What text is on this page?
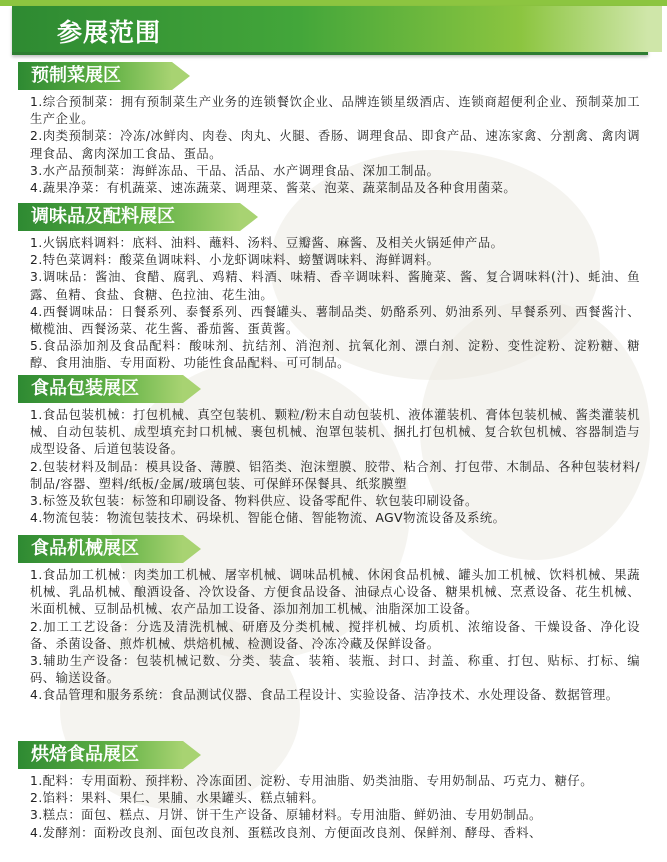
参展范围
预制菜展区

1.综合预制菜：拥有预制菜生产业务的连锁餐饮企业、品牌连锁星级酒店、连锁商超便利企业、预制菜加工生产企业。

2.肉类预制菜：冷冻/冰鲜肉、肉卷、肉丸、火腿、香肠、调理食品、即食产品、速冻家禽、分割禽、禽肉调理食品、禽肉深加工食品、蛋品。

3.水产品预制菜：海鲜冻品、干品、活品、水产调理食品、深加工制品。

4.蔬果净菜：有机蔬菜、速冻蔬菜、调理菜、酱菜、泡菜、蔬菜制品及各种食用菌菜。

调味品及配料展区

1.火锅底料调料：底料、油料、蘸料、汤料、豆瓣酱、麻酱、及相关火锅延伸产品。

2.特色菜调料：酸菜鱼调味料、小龙虾调味料、螃蟹调味料、海鲜调料。

3.调味品：酱油、食醋、腐乳、鸡精、料酒、味精、香辛调味料、酱腌菜、酱、复合调味料(汁)、蚝油、鱼露、鱼精、食盐、食糖、色拉油、花生油。

4.西餐调味品：日餐系列、泰餐系列、西餐罐头、薯制品类、奶酪系列、奶油系列、早餐系列、西餐酱汁、橄榄油、西餐汤菜、花生酱、番茄酱、蛋黄酱。

5.食品添加剂及食品配料：酸味剂、抗结剂、消泡剂、抗氧化剂、漂白剂、淀粉、变性淀粉、淀粉糖、糖醇、食用油脂、专用面粉、功能性食品配料、可可制品。

食品包装展区

1.食品包装机械：打包机械、真空包装机、颗粒/粉末自动包装机、液体灌装机、膏体包装机械、酱类灌装机械、自动包装机、成型填充封口机械、裹包机械、泡罩包装机、捆扎打包机械、复合软包机械、容器制造与成型设备、后道包装设备。

2.包装材料及制品：模具设备、薄膜、铝箔类、泡沫塑膜、胶带、粘合剂、打包带、木制品、各种包装材料/制品/容器、塑料/纸板/金属/玻璃包装、可保鲜环保餐具、纸浆膜塑

3.标签及软包装：标签和印刷设备、物料供应、设备零配件、软包装印刷设备。

4.物流包装：物流包装技术、码垛机、智能仓储、智能物流、AGV物流设备及系统。

食品机械展区

1.食品加工机械：肉类加工机械、屠宰机械、调味品机械、休闲食品机械、罐头加工机械、饮料机械、果蔬机械、乳品机械、酿酒设备、冷饮设备、方便食品设备、油碌点心设备、糖果机械、烹煮设备、花生机械、米面机械、豆制品机械、农产品加工设备、添加剂加工机械、油脂深加工设备。

2.加工工艺设备：分选及清洗机械、研磨及分类机械、搅拌机械、均质机、浓缩设备、干燥设备、净化设备、杀菌设备、煎炸机械、烘焙机械、检测设备、冷冻冷藏及保鲜设备。

3.辅助生产设备：包装机械记数、分类、装盒、装箱、装瓶、封口、封盖、称重、打包、贴标、打标、编码、输送设备。

4.食品管理和服务系统：食品测试仪器、食品工程设计、实验设备、洁净技术、水处理设备、数据管理。

烘焙食品展区

1.配料：专用面粉、预拌粉、冷冻面团、淀粉、专用油脂、奶类油脂、专用奶制品、巧克力、糖仔。

2.馅料：果料、果仁、果脯、水果罐头、糕点辅料。

3.糕点：面包、糕点、月饼、饼干生产设备、原辅材料。专用油脂、鲜奶油、专用奶制品。

4.发酵剂：面粉改良剂、面包改良剂、蛋糕改良剂、方便面改良剂、保鲜剂、酵母、香料、
